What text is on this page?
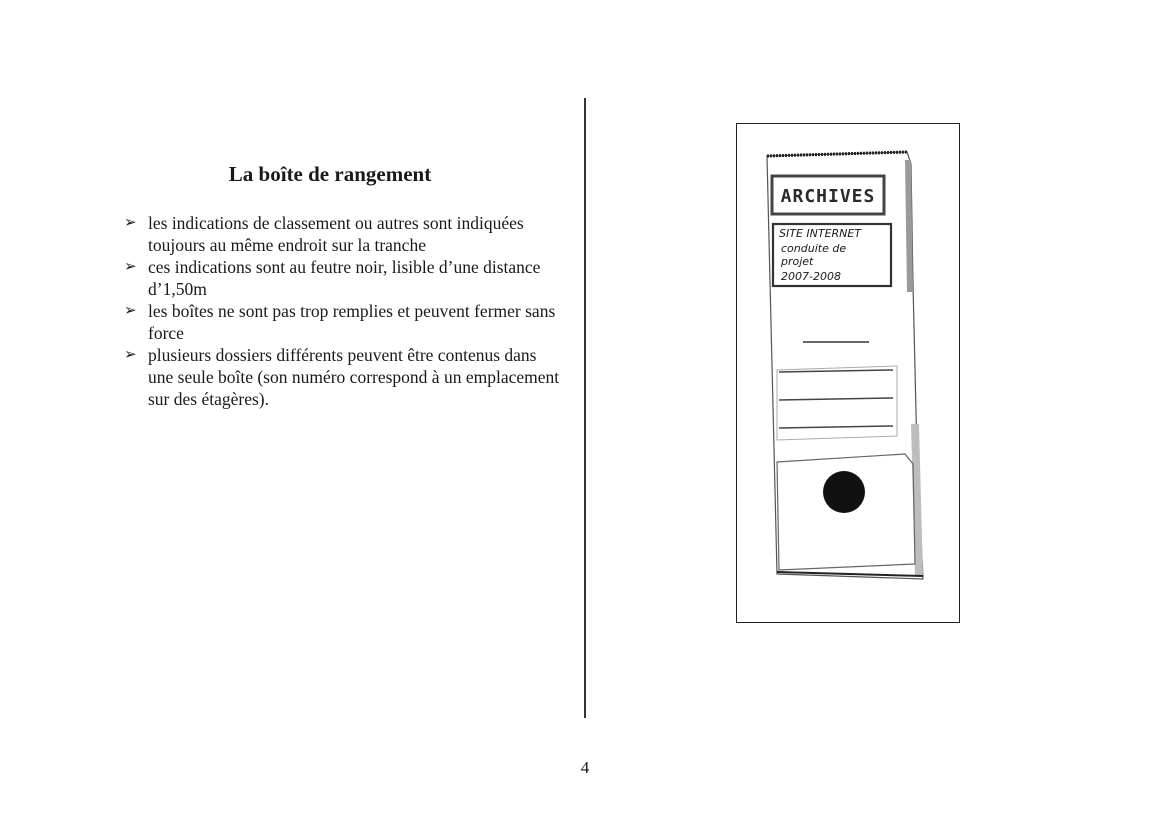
La boîte de rangement
➢ les indications de classement ou autres sont indiquées toujours au même endroit sur la tranche
➢ ces indications sont au feutre noir, lisible d’une distance d’1,50m
➢ les boîtes ne sont pas trop remplies et peuvent fermer sans force
➢ plusieurs dossiers différents peuvent être contenus dans une seule boîte (son numéro correspond à un emplacement sur des étagères).
ARCHIVES
SITE INTERNET
conduite de
projet
2007-2008
4
